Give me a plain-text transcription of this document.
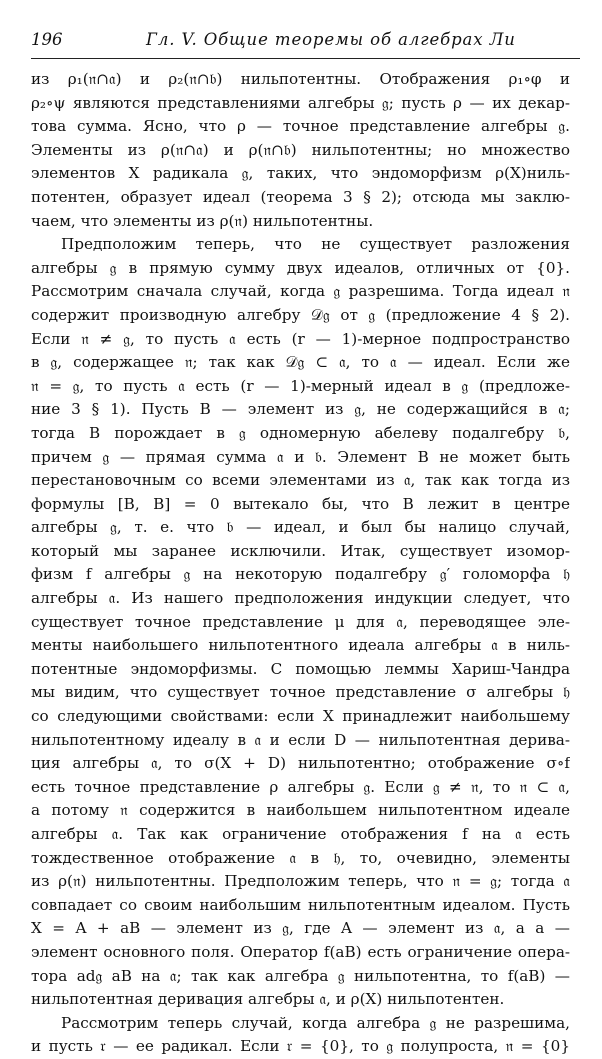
196	Гл. V. Общие теоремы об алгебрах Ли
из ρ₁(𝔫∩𝔞) и ρ₂(𝔫∩𝔟) нильпотентны. Отображения ρ₁∘φ и
ρ₂∘ψ являются представлениями алгебры 𝔤; пусть ρ — их декар-
това сумма. Ясно, что ρ — точное представление алгебры 𝔤.
Элементы из ρ(𝔫∩𝔞) и ρ(𝔫∩𝔟) нильпотентны; но множество
элементов X радикала 𝔤, таких, что эндоморфизм ρ(X)ниль-
потентен, образует идеал (теорема 3 § 2); отсюда мы заклю-
чаем, что элементы из ρ(𝔫) нильпотентны.
Предположим теперь, что не существует разложения
алгебры 𝔤 в прямую сумму двух идеалов, отличных от {0}.
Рассмотрим сначала случай, когда 𝔤 разрешима. Тогда идеал 𝔫
содержит производную алгебру 𝒟𝔤 от 𝔤 (предложение 4 § 2).
Если 𝔫 ≠ 𝔤, то пусть 𝔞 есть (r — 1)-мерное подпространство
в 𝔤, содержащее 𝔫; так как 𝒟𝔤 ⊂ 𝔞, то 𝔞 — идеал. Если же
𝔫 = 𝔤, то пусть 𝔞 есть (r — 1)-мерный идеал в 𝔤 (предложе-
ние 3 § 1). Пусть B — элемент из 𝔤, не содержащийся в 𝔞;
тогда B порождает в 𝔤 одномерную абелеву подалгебру 𝔟,
причем 𝔤 — прямая сумма 𝔞 и 𝔟. Элемент B не может быть
перестановочным со всеми элементами из 𝔞, так как тогда из
формулы [B, B] = 0 вытекало бы, что B лежит в центре
алгебры 𝔤, т. е. что 𝔟 — идеал, и был бы налицо случай,
который мы заранее исключили. Итак, существует изомор-
физм f алгебры 𝔤 на некоторую подалгебру 𝔤′ голоморфа 𝔥
алгебры 𝔞. Из нашего предположения индукции следует, что
существует точное представление μ для 𝔞, переводящее эле-
менты наибольшего нильпотентного идеала алгебры 𝔞 в ниль-
потентные эндоморфизмы. С помощью леммы Хариш-Чандра
мы видим, что существует точное представление σ алгебры 𝔥
со следующими свойствами: если X принадлежит наибольшему
нильпотентному идеалу в 𝔞 и если D — нильпотентная дерива-
ция алгебры 𝔞, то σ(X + D) нильпотентно; отображение σ∘f
есть точное представление ρ алгебры 𝔤. Если 𝔤 ≠ 𝔫, то 𝔫 ⊂ 𝔞,
а потому 𝔫 содержится в наибольшем нильпотентном идеале
алгебры 𝔞. Так как ограничение отображения f на 𝔞 есть
тождественное отображение 𝔞 в 𝔥, то, очевидно, элементы
из ρ(𝔫) нильпотентны. Предположим теперь, что 𝔫 = 𝔤; тогда 𝔞
совпадает со своим наибольшим нильпотентным идеалом. Пусть
X = A + aB — элемент из 𝔤, где A — элемент из 𝔞, а a —
элемент основного поля. Оператор f(aB) есть ограничение опера-
тора ad𝔤 aB на 𝔞; так как алгебра 𝔤 нильпотентна, то f(aB) —
нильпотентная деривация алгебры 𝔞, и ρ(X) нильпотентен.
Рассмотрим теперь случай, когда алгебра 𝔤 не разрешима,
и пусть 𝔯 — ее радикал. Если 𝔯 = {0}, то 𝔤 полупроста, 𝔫 = {0}
